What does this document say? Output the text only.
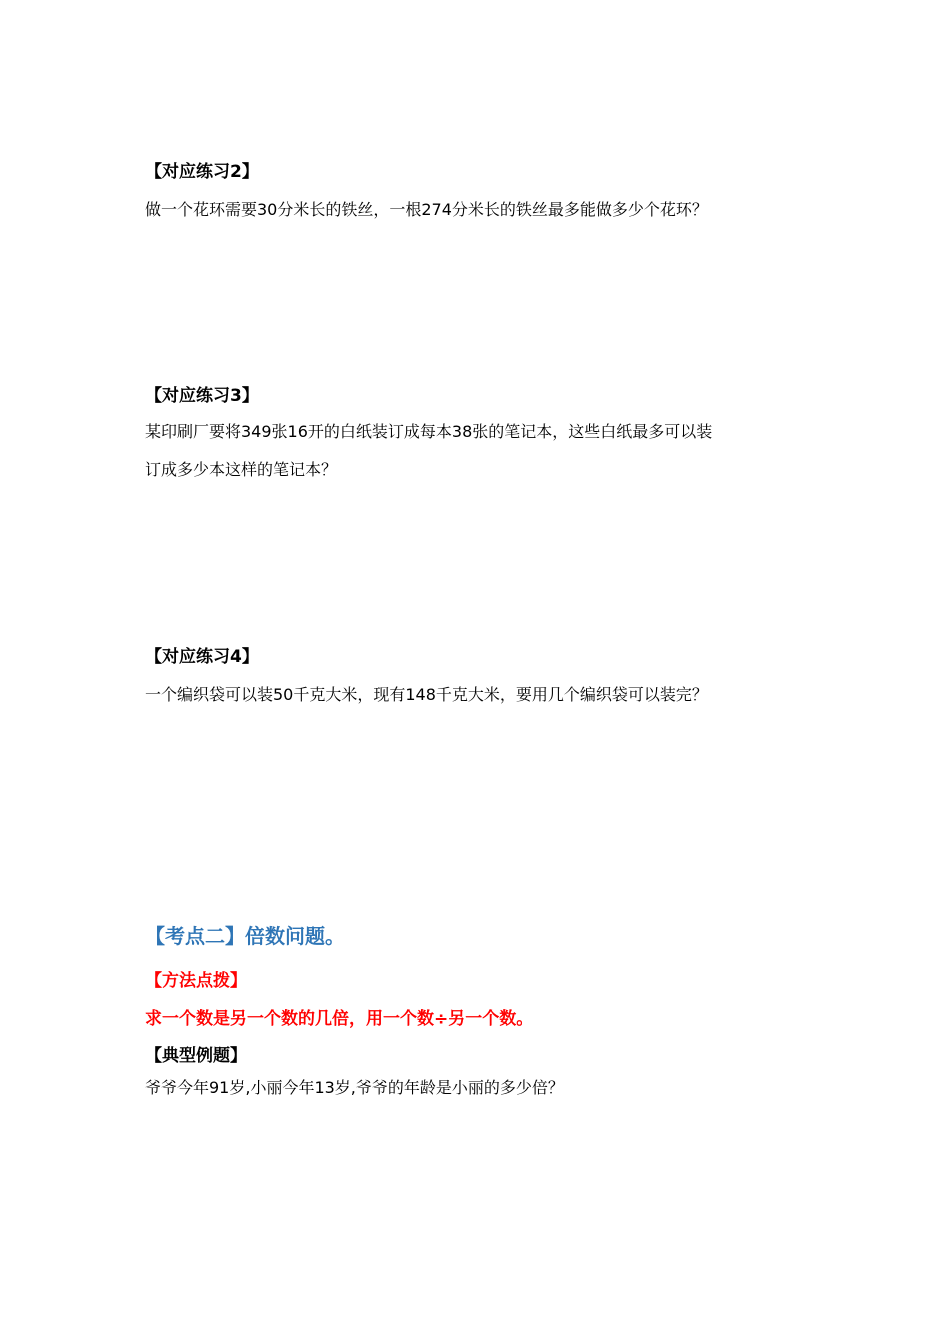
【对应练习2】

做一个花环需要30分米长的铁丝，一根274分米长的铁丝最多能做多少个花环？

【对应练习3】

某印刷厂要将349张16开的白纸装订成每本38张的笔记本，这些白纸最多可以装

订成多少本这样的笔记本？

【对应练习4】

一个编织袋可以装50千克大米，现有148千克大米，要用几个编织袋可以装完？

【考点二】倍数问题。

【方法点拨】

求一个数是另一个数的几倍，用一个数÷另一个数。

【典型例题】

爷爷今年91岁,小丽今年13岁,爷爷的年龄是小丽的多少倍？
